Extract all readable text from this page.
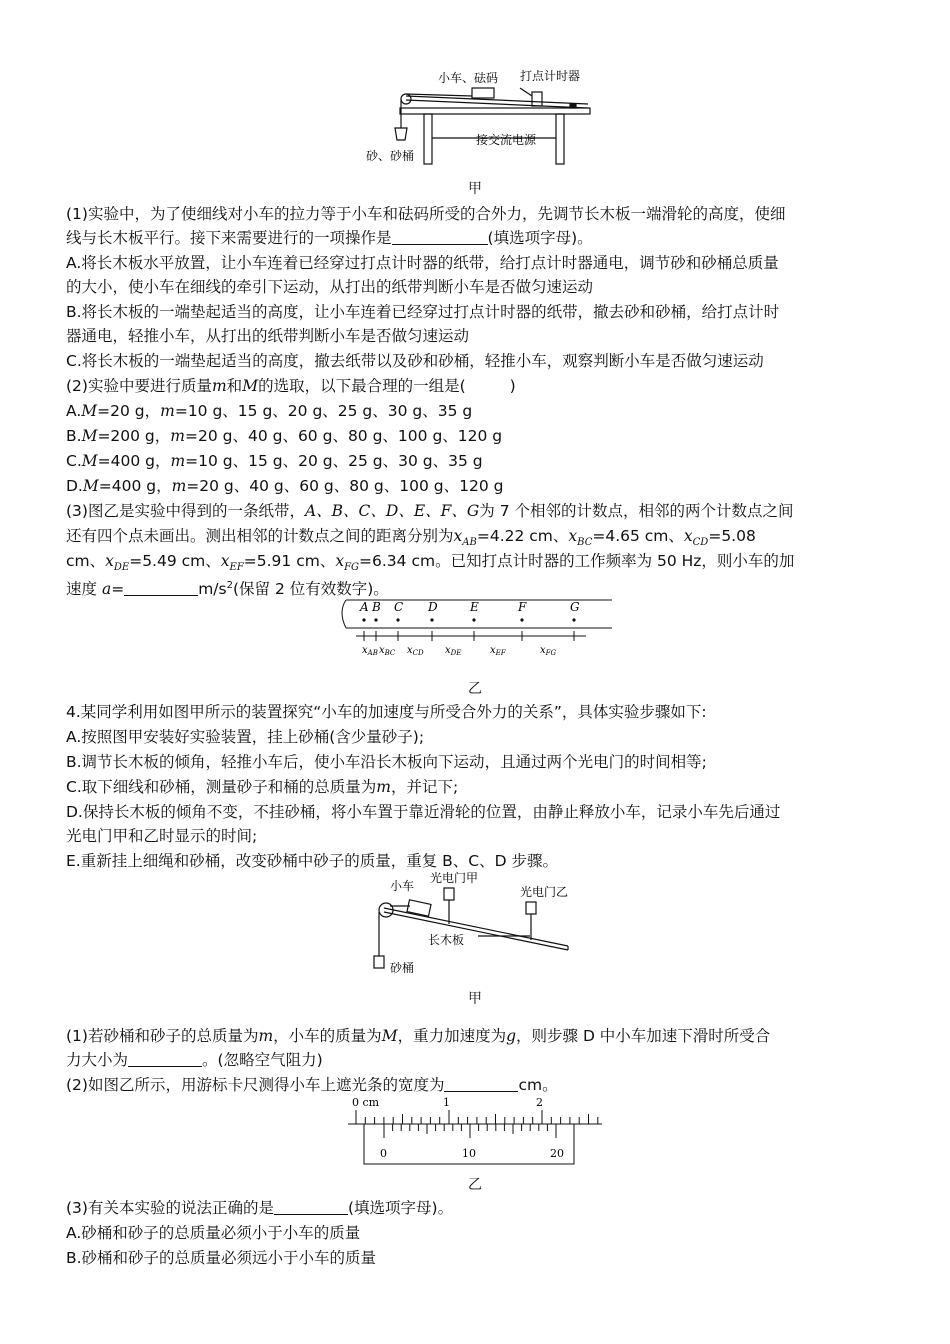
小车、砝码 打点计时器
砂、砂桶
接交流电源
甲
(1)实验中，为了使细线对小车的拉力等于小车和砝码所受的合外力，先调节长木板一端滑轮的高度，使细
线与长木板平行。接下来需要进行的一项操作是	(填选项字母)。
A.将长木板水平放置，让小车连着已经穿过打点计时器的纸带，给打点计时器通电，调节砂和砂桶总质量
的大小，使小车在细线的牵引下运动，从打出的纸带判断小车是否做匀速运动
B.将长木板的一端垫起适当的高度，让小车连着已经穿过打点计时器的纸带，撤去砂和砂桶，给打点计时
器通电，轻推小车，从打出的纸带判断小车是否做匀速运动
C.将长木板的一端垫起适当的高度，撤去纸带以及砂和砂桶，轻推小车，观察判断小车是否做匀速运动
(2)实验中要进行质量m和M的选取，以下最合理的一组是(	)
A.M=20 g，m=10 g、15 g、20 g、25 g、30 g、35 g
B.M=200 g，m=20 g、40 g、60 g、80 g、100 g、120 g
C.M=400 g，m=10 g、15 g、20 g、25 g、30 g、35 g
D.M=400 g，m=20 g、40 g、60 g、80 g、100 g、120 g
(3)图乙是实验中得到的一条纸带，A、B、C、D、E、F、G为 7 个相邻的计数点，相邻的两个计数点之间
还有四个点未画出。测出相邻的计数点之间的距离分别为$x_{AB}=4.22$ cm、$x_{BC}=4.65$ cm、$x_{CD}=5.08$
cm、$x_{DE}=5.49$ cm、$x_{EF}=5.91$ cm、$x_{FG}=6.34$ cm。已知打点计时器的工作频率为 50 Hz，则小车的加
速度 a=	$m/s^2$(保留 2 位有效数字)。
A B C D	E	F	G
$x_{AB}$ $x_{BC}$ $x_{CD}$ $x_{DE}$	$x_{EF}$	$x_{FG}$
乙
4.某同学利用如图甲所示的装置探究“小车的加速度与所受合外力的关系”，具体实验步骤如下:
A.按照图甲安装好实验装置，挂上砂桶(含少量砂子);
B.调节长木板的倾角，轻推小车后，使小车沿长木板向下运动，且通过两个光电门的时间相等;
C.取下细线和砂桶，测量砂子和桶的总质量为m，并记下;
D.保持长木板的倾角不变，不挂砂桶，将小车置于靠近滑轮的位置，由静止释放小车，记录小车先后通过
光电门甲和乙时显示的时间;
E.重新挂上细绳和砂桶，改变砂桶中砂子的质量，重复 B、C、D 步骤。
小车
光电门甲
光电门乙
长木板
砂桶
甲
(1)若砂桶和砂子的总质量为m，小车的质量为M，重力加速度为g，则步骤 D 中小车加速下滑时所受合
力大小为	。(忽略空气阻力)
(2)如图乙所示，用游标卡尺测得小车上遮光条的宽度为	cm。
0 cm	1	2
0	10	20
乙
(3)有关本实验的说法正确的是	(填选项字母)。
A.砂桶和砂子的总质量必须小于小车的质量
B.砂桶和砂子的总质量必须远小于小车的质量
